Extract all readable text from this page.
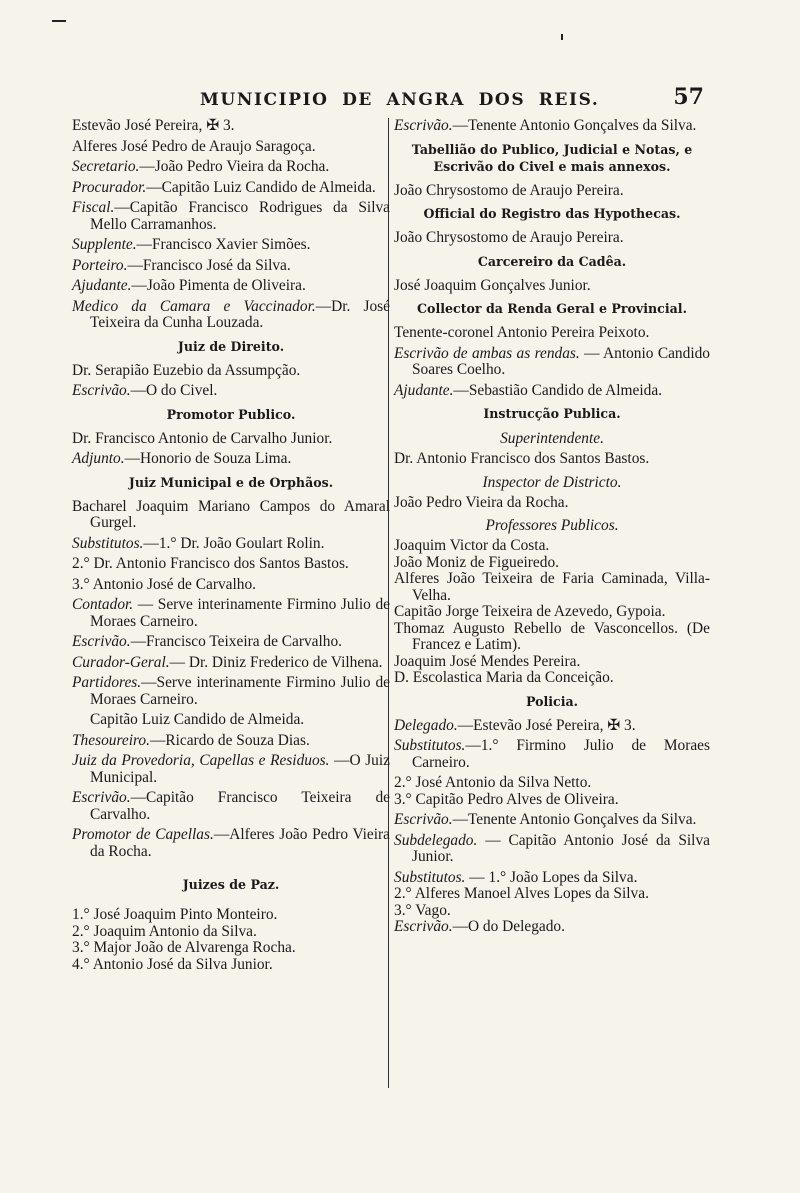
MUNICIPIO DE ANGRA DOS REIS.	57

Estevão José Pereira, ✠ 3.

Alferes José Pedro de Araujo Saragoça.

Secretario.—João Pedro Vieira da Rocha.

Procurador.—Capitão Luiz Candido de Almeida.

Fiscal.—Capitão Francisco Rodrigues da Silva Mello Carramanhos.

Supplente.—Francisco Xavier Simões.

Porteiro.—Francisco José da Silva.

Ajudante.—João Pimenta de Oliveira.

Medico da Camara e Vaccinador.—Dr. José Teixeira da Cunha Louzada.

Juiz de Direito.

Dr. Serapião Euzebio da Assumpção.

Escrivão.—O do Civel.

Promotor Publico.

Dr. Francisco Antonio de Carvalho Junior.

Adjunto.—Honorio de Souza Lima.

Juiz Municipal e de Orphãos.

Bacharel Joaquim Mariano Campos do Amaral Gurgel.

Substitutos.—1.° Dr. João Goulart Rolin.

2.° Dr. Antonio Francisco dos Santos Bastos.

3.° Antonio José de Carvalho.

Contador. — Serve interinamente Firmino Julio de Moraes Carneiro.

Escrivão.—Francisco Teixeira de Carvalho.

Curador-Geral.— Dr. Diniz Frederico de Vilhena.

Partidores.—Serve interinamente Firmino Julio de Moraes Carneiro.

Capitão Luiz Candido de Almeida.

Thesoureiro.—Ricardo de Souza Dias.

Juiz da Provedoria, Capellas e Residuos. —O Juiz Municipal.

Escrivão.—Capitão Francisco Teixeira de Carvalho.

Promotor de Capellas.—Alferes João Pedro Vieira da Rocha.

Juizes de Paz.

1.° José Joaquim Pinto Monteiro.

2.° Joaquim Antonio da Silva.

3.° Major João de Alvarenga Rocha.

4.° Antonio José da Silva Junior.

Escrivão.—Tenente Antonio Gonçalves da Silva.

Tabellião do Publico, Judicial e Notas, e Escrivão do Civel e mais annexos.

João Chrysostomo de Araujo Pereira.

Official do Registro das Hypothecas.

João Chrysostomo de Araujo Pereira.

Carcereiro da Cadêa.

José Joaquim Gonçalves Junior.

Collector da Renda Geral e Provincial.

Tenente-coronel Antonio Pereira Peixoto.

Escrivão de ambas as rendas. — Antonio Candido Soares Coelho.

Ajudante.—Sebastião Candido de Almeida.

Instrucção Publica.
Superintendente.

Dr. Antonio Francisco dos Santos Bastos.

Inspector de Districto.

João Pedro Vieira da Rocha.

Professores Publicos.

Joaquim Victor da Costa.

João Moniz de Figueiredo.

Alferes João Teixeira de Faria Caminada, Villa-Velha.

Capitão Jorge Teixeira de Azevedo, Gypoia.

Thomaz Augusto Rebello de Vasconcellos. (De Francez e Latim).

Joaquim José Mendes Pereira.

D. Escolastica Maria da Conceição.

Policia.

Delegado.—Estevão José Pereira, ✠ 3.

Substitutos.—1.° Firmino Julio de Moraes Carneiro.

2.° José Antonio da Silva Netto.

3.° Capitão Pedro Alves de Oliveira.

Escrivão.—Tenente Antonio Gonçalves da Silva.

Subdelegado. — Capitão Antonio José da Silva Junior.

Substitutos. — 1.° João Lopes da Silva.

2.° Alferes Manoel Alves Lopes da Silva.

3.° Vago.

Escrivão.—O do Delegado.
